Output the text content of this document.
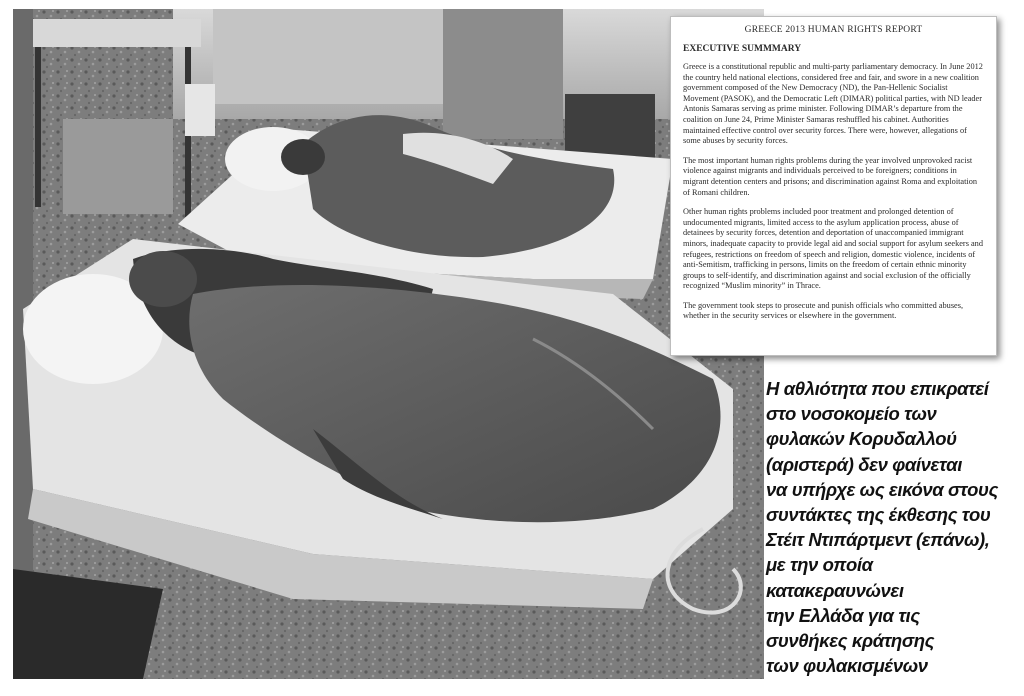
GREECE 2013 HUMAN RIGHTS REPORT
EXECUTIVE SUMMMARY

Greece is a constitutional republic and multi-party parliamentary democracy. In June 2012 the country held national elections, considered free and fair, and swore in a new coalition government composed of the New Democracy (ND), the Pan-Hellenic Socialist Movement (PASOK), and the Democratic Left (DIMAR) political parties, with ND leader Antonis Samaras serving as prime minister. Following DIMAR’s departure from the coalition on June 24, Prime Minister Samaras reshuffled his cabinet. Authorities maintained effective control over security forces. There were, however, allegations of some abuses by security forces.

The most important human rights problems during the year involved unprovoked racist violence against migrants and individuals perceived to be foreigners; conditions in migrant detention centers and prisons; and discrimination against Roma and exploitation of Romani children.

Other human rights problems included poor treatment and prolonged detention of undocumented migrants, limited access to the asylum application process, abuse of detainees by security forces, detention and deportation of unaccompanied immigrant minors, inadequate capacity to provide legal aid and social support for asylum seekers and refugees, restrictions on freedom of speech and religion, domestic violence, incidents of anti-Semitism, trafficking in persons, limits on the freedom of certain ethnic minority groups to self-identify, and discrimination against and social exclusion of the officially recognized “Muslim minority” in Thrace.

The government took steps to prosecute and punish officials who committed abuses, whether in the security services or elsewhere in the government.

Η αθλιότητα που επικρατεί
στο νοσοκομείο των
φυλακών Κορυδαλλού
(αριστερά) δεν φαίνεται
να υπήρχε ως εικόνα στους
συντάκτες της έκθεσης του
Στέιτ Ντιπάρτμεντ (επάνω),
με την οποία
κατακεραυνώνει
την Ελλάδα για τις
συνθήκες κράτησης
των φυλακισμένων
